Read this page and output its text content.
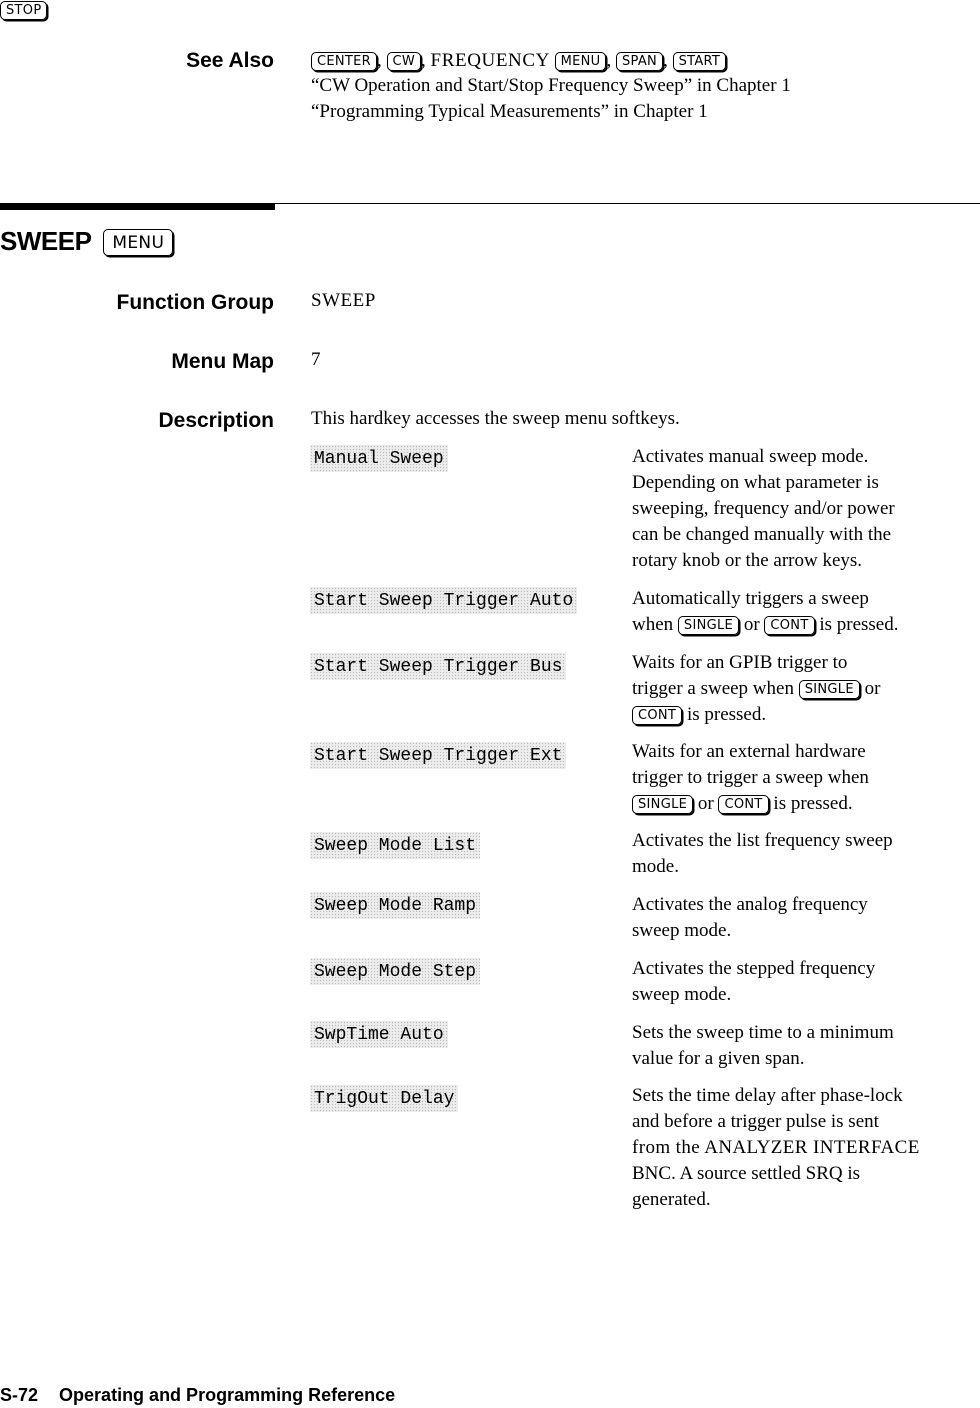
STOP
See Also	CENTER , CW , FREQUENCY MENU , SPAN , START
“CW Operation and Start/Stop Frequency Sweep” in Chapter 1
“Programming Typical Measurements” in Chapter 1
SWEEP MENU
Function Group SWEEP
Menu Map 7
Description This hardkey accesses the sweep menu softkeys.
Manual Sweep	Activates manual sweep mode.
Depending on what parameter is
sweeping, frequency and/or power
can be changed manually with the
rotary knob or the arrow keys.
Start Sweep Trigger Auto	Automatically triggers a sweep
when SINGLE or CONT is pressed.
Start Sweep Trigger Bus	Waits for an GPIB trigger to
trigger a sweep when SINGLE or
CONT is pressed.
Start Sweep Trigger Ext	Waits for an external hardware
trigger to trigger a sweep when
SINGLE or CONT is pressed.
Sweep Mode List	Activates the list frequency sweep
mode.
Sweep Mode Ramp	Activates the analog frequency
sweep mode.
Sweep Mode Step	Activates the stepped frequency
sweep mode.
SwpTime Auto	Sets the sweep time to a minimum
value for a given span.
TrigOut Delay	Sets the time delay after phase-lock
and before a trigger pulse is sent
from the ANALYZER INTERFACE
BNC. A source settled SRQ is
generated.
S-72 Operating and Programming Reference
